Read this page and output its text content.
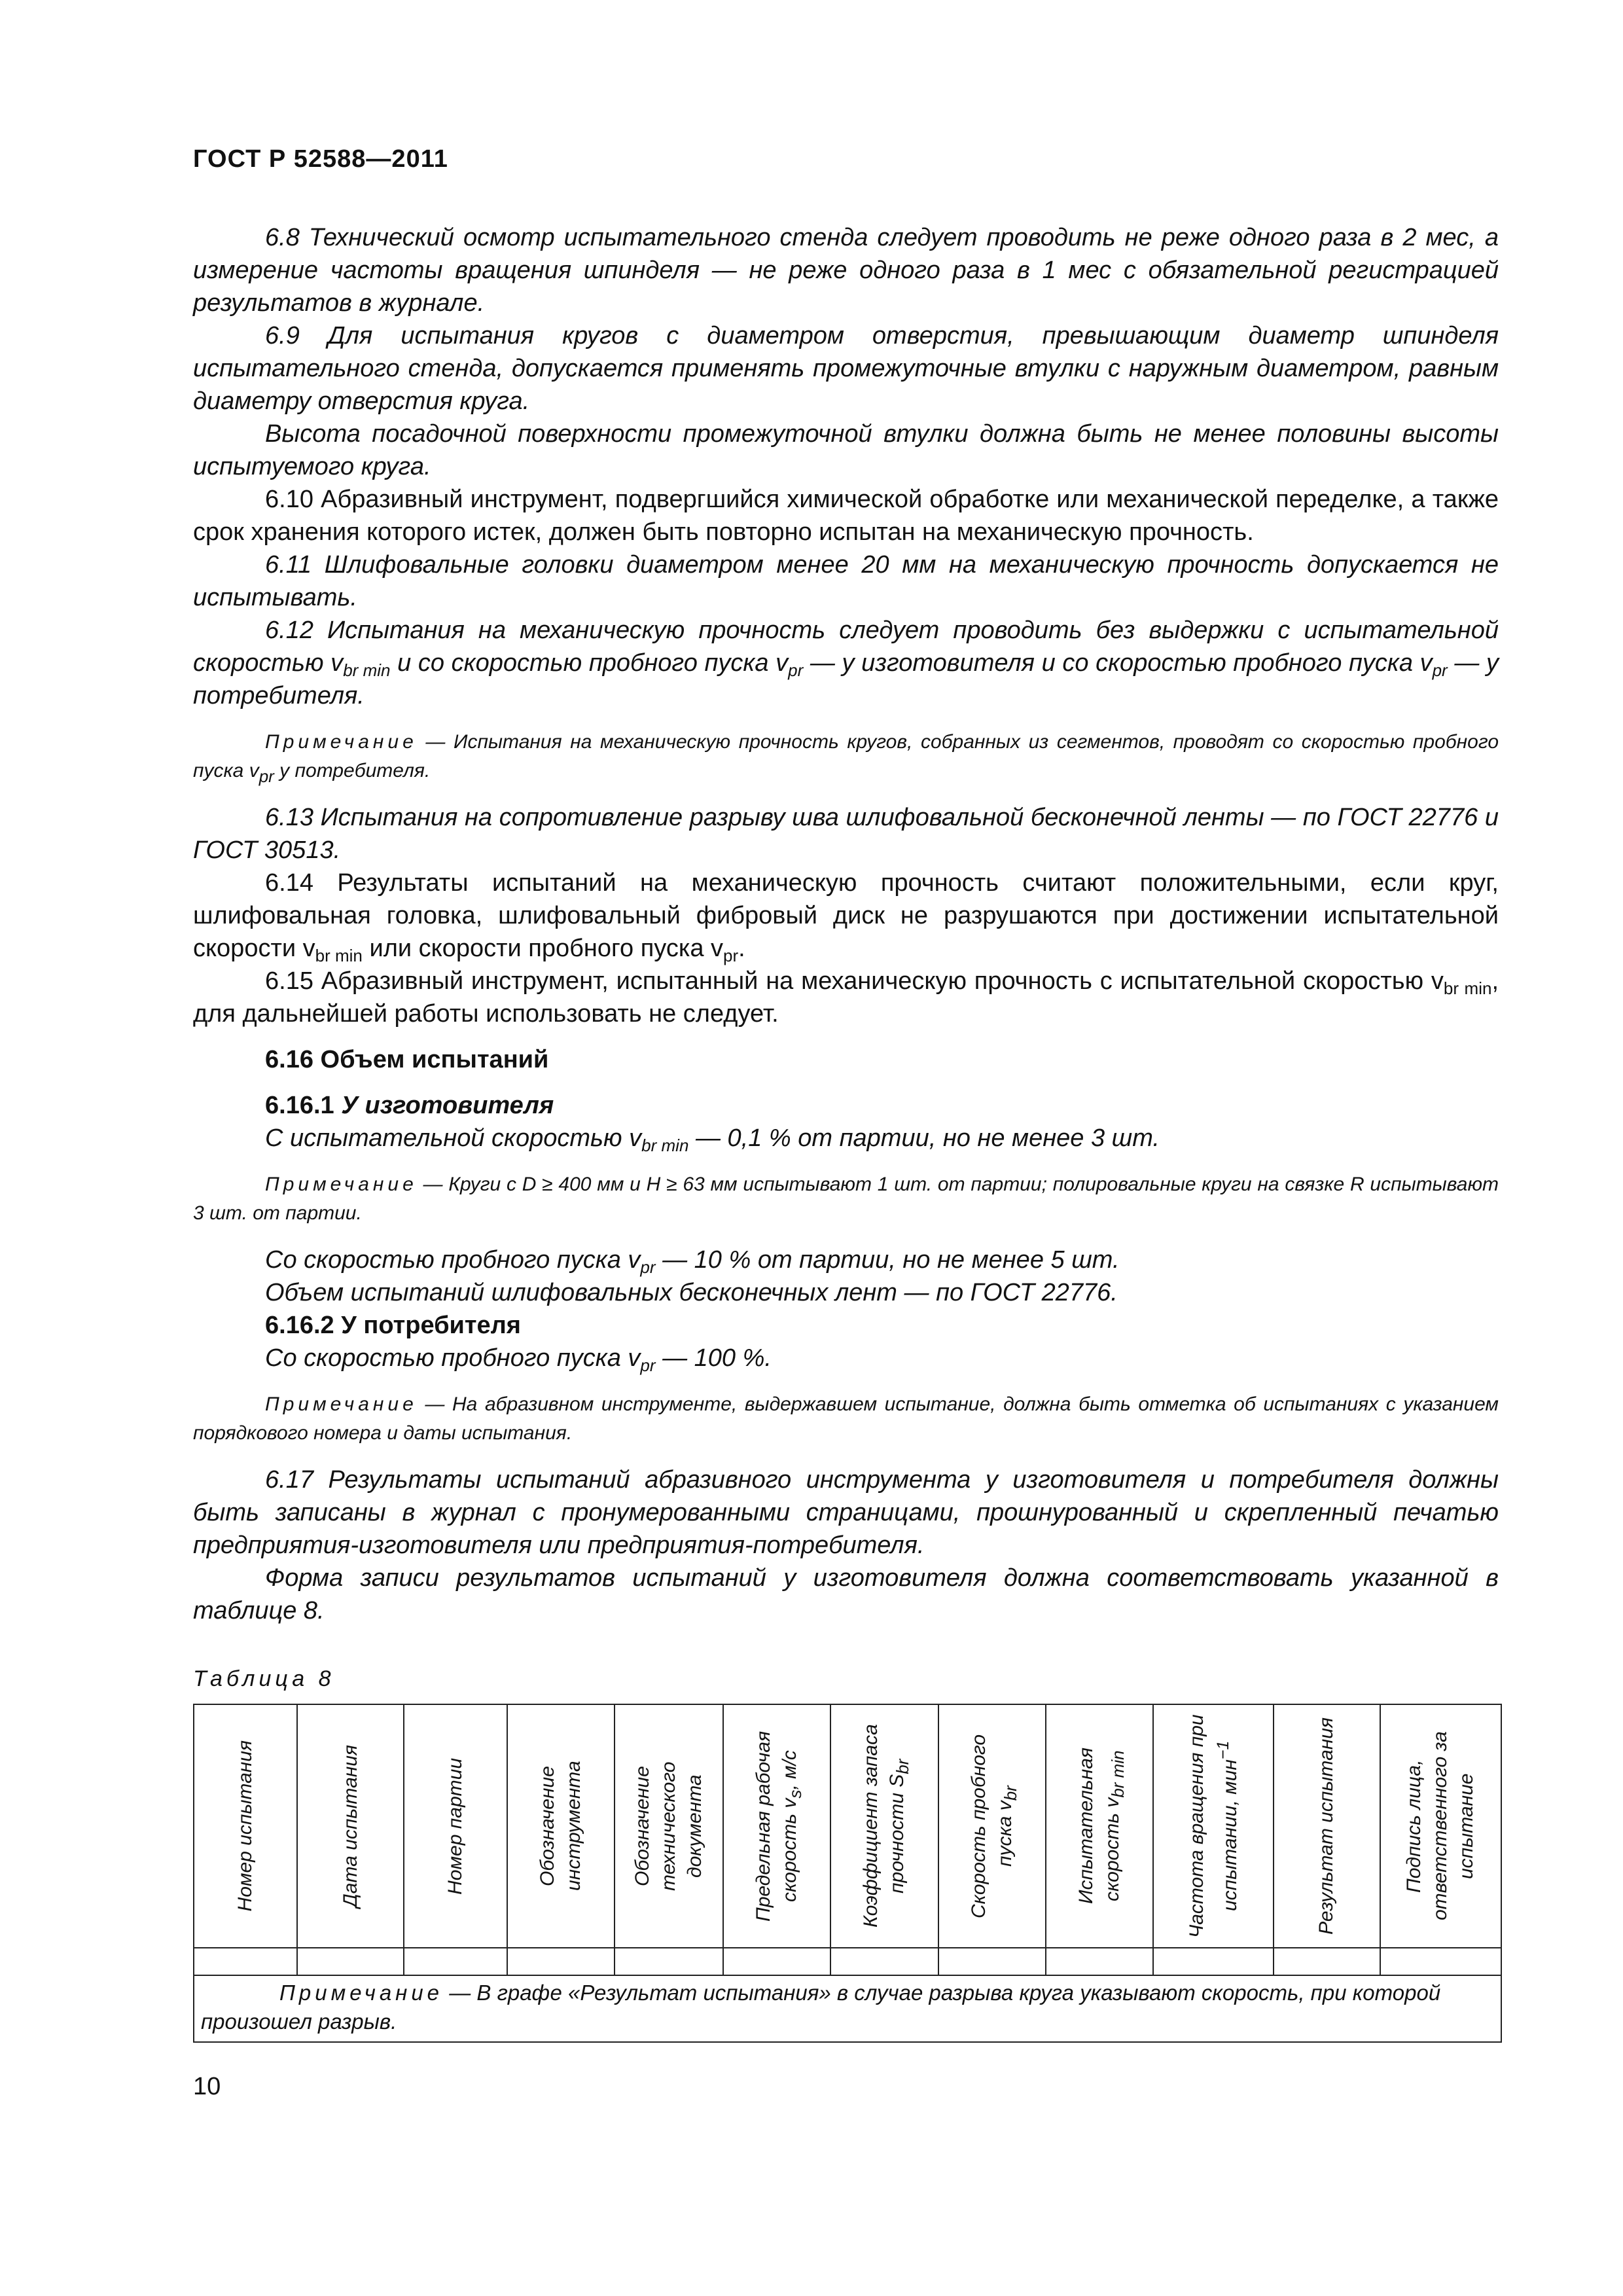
ГОСТ Р 52588—2011

6.8 Технический осмотр испытательного стенда следует проводить не реже одного раза в 2 мес, а измерение частоты вращения шпинделя — не реже одного раза в 1 мес с обязательной регистрацией результатов в журнале.

6.9 Для испытания кругов с диаметром отверстия, превышающим диаметр шпинделя испытательного стенда, допускается применять промежуточные втулки с наружным диаметром, равным диаметру отверстия круга.

Высота посадочной поверхности промежуточной втулки должна быть не менее половины высоты испытуемого круга.

6.10 Абразивный инструмент, подвергшийся химической обработке или механической переделке, а также срок хранения которого истек, должен быть повторно испытан на механическую прочность.

6.11 Шлифовальные головки диаметром менее 20 мм на механическую прочность допускается не испытывать.

6.12 Испытания на механическую прочность следует проводить без выдержки с испытательной скоростью $v_{br min}$ и со скоростью пробного пуска $v_{pr}$ — у изготовителя и со скоростью пробного пуска $v_{pr}$ — у потребителя.

Примечание — Испытания на механическую прочность кругов, собранных из сегментов, проводят со скоростью пробного пуска $v_{pr}$ у потребителя.

6.13 Испытания на сопротивление разрыву шва шлифовальной бесконечной ленты — по ГОСТ 22776 и ГОСТ 30513.

6.14 Результаты испытаний на механическую прочность считают положительными, если круг, шлифовальная головка, шлифовальный фибровый диск не разрушаются при достижении испытательной скорости $v_{br min}$ или скорости пробного пуска $v_{pr}$.

6.15 Абразивный инструмент, испытанный на механическую прочность с испытательной скоростью $v_{br min}$, для дальнейшей работы использовать не следует.

6.16 Объем испытаний

6.16.1 У изготовителя

С испытательной скоростью $v_{br min}$ — 0,1 % от партии, но не менее 3 шт.

Примечание — Круги с D ≥ 400 мм и H ≥ 63 мм испытывают 1 шт. от партии; полировальные круги на связке R испытывают 3 шт. от партии.

Со скоростью пробного пуска $v_{pr}$ — 10 % от партии, но не менее 5 шт.

Объем испытаний шлифовальных бесконечных лент — по ГОСТ 22776.

6.16.2 У потребителя

Со скоростью пробного пуска $v_{pr}$ — 100 %.

Примечание — На абразивном инструменте, выдержавшем испытание, должна быть отметка об испытаниях с указанием порядкового номера и даты испытания.

6.17 Результаты испытаний абразивного инструмента у изготовителя и потребителя должны быть записаны в журнал с пронумерованными страницами, прошнурованный и скрепленный печатью предприятия-изготовителя или предприятия-потребителя.

Форма записи результатов испытаний у изготовителя должна соответствовать указанной в таблице 8.

Таблица 8
Номер испытания	Дата испытания	Номер партии	Обозначение инструмента	Обозначение технического документа	Предельная рабочая скорость $v_s$, м/с	Коэффициент запаса прочности $S_{br}$	Скорость пробного пуска $v_{br}$	Испытательная скорость $v_{br min}$	Частота вращения при испытании, мин$^{-1}$	Результат испытания	Подпись лица, ответственного за испытание

Примечание — В графе «Результат испытания» в случае разрыва круга указывают скорость, при которой произошел разрыв.											
10
